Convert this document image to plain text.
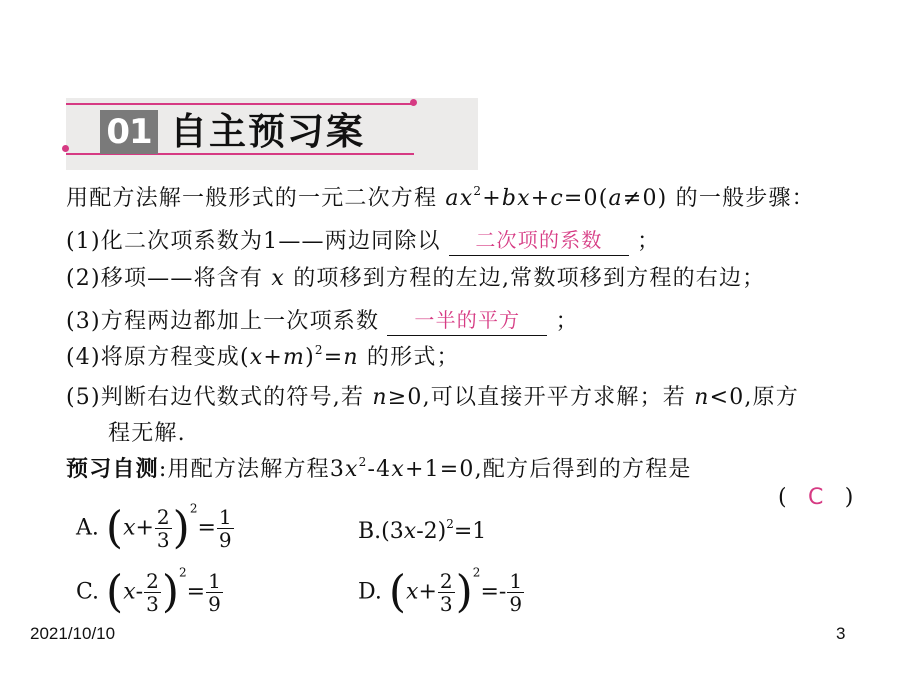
01 自主预习案
用配方法解一般形式的一元二次方程 $ax^2+bx+c=0(a\ne 0)$ 的一般步骤：
(1)化二次项系数为1——两边同除以 二次项的系数 ；
(2)移项——将含有 x 的项移到方程的左边,常数项移到方程的右边；
(3)方程两边都加上一次项系数 一半的平方 ；
(4)将原方程变成$(x+m)^2=n$ 的形式；
(5)判断右边代数式的符号,若 n≥0,可以直接开平方求解；若 n<0,原方
程无解.
预习自测:用配方法解方程$3x^2-4x+1=0$,配方后得到的方程是
( C )
A. $(x+ \frac{2}{3} )^2= \frac{1}{9}$	$B.(3x-2)^2=1$
C. $(x- \frac{2}{3} )^2= \frac{1}{9}$	D. $(x+ \frac{2}{3} )^2=- \frac{1}{9}$
2021/10/10	3
